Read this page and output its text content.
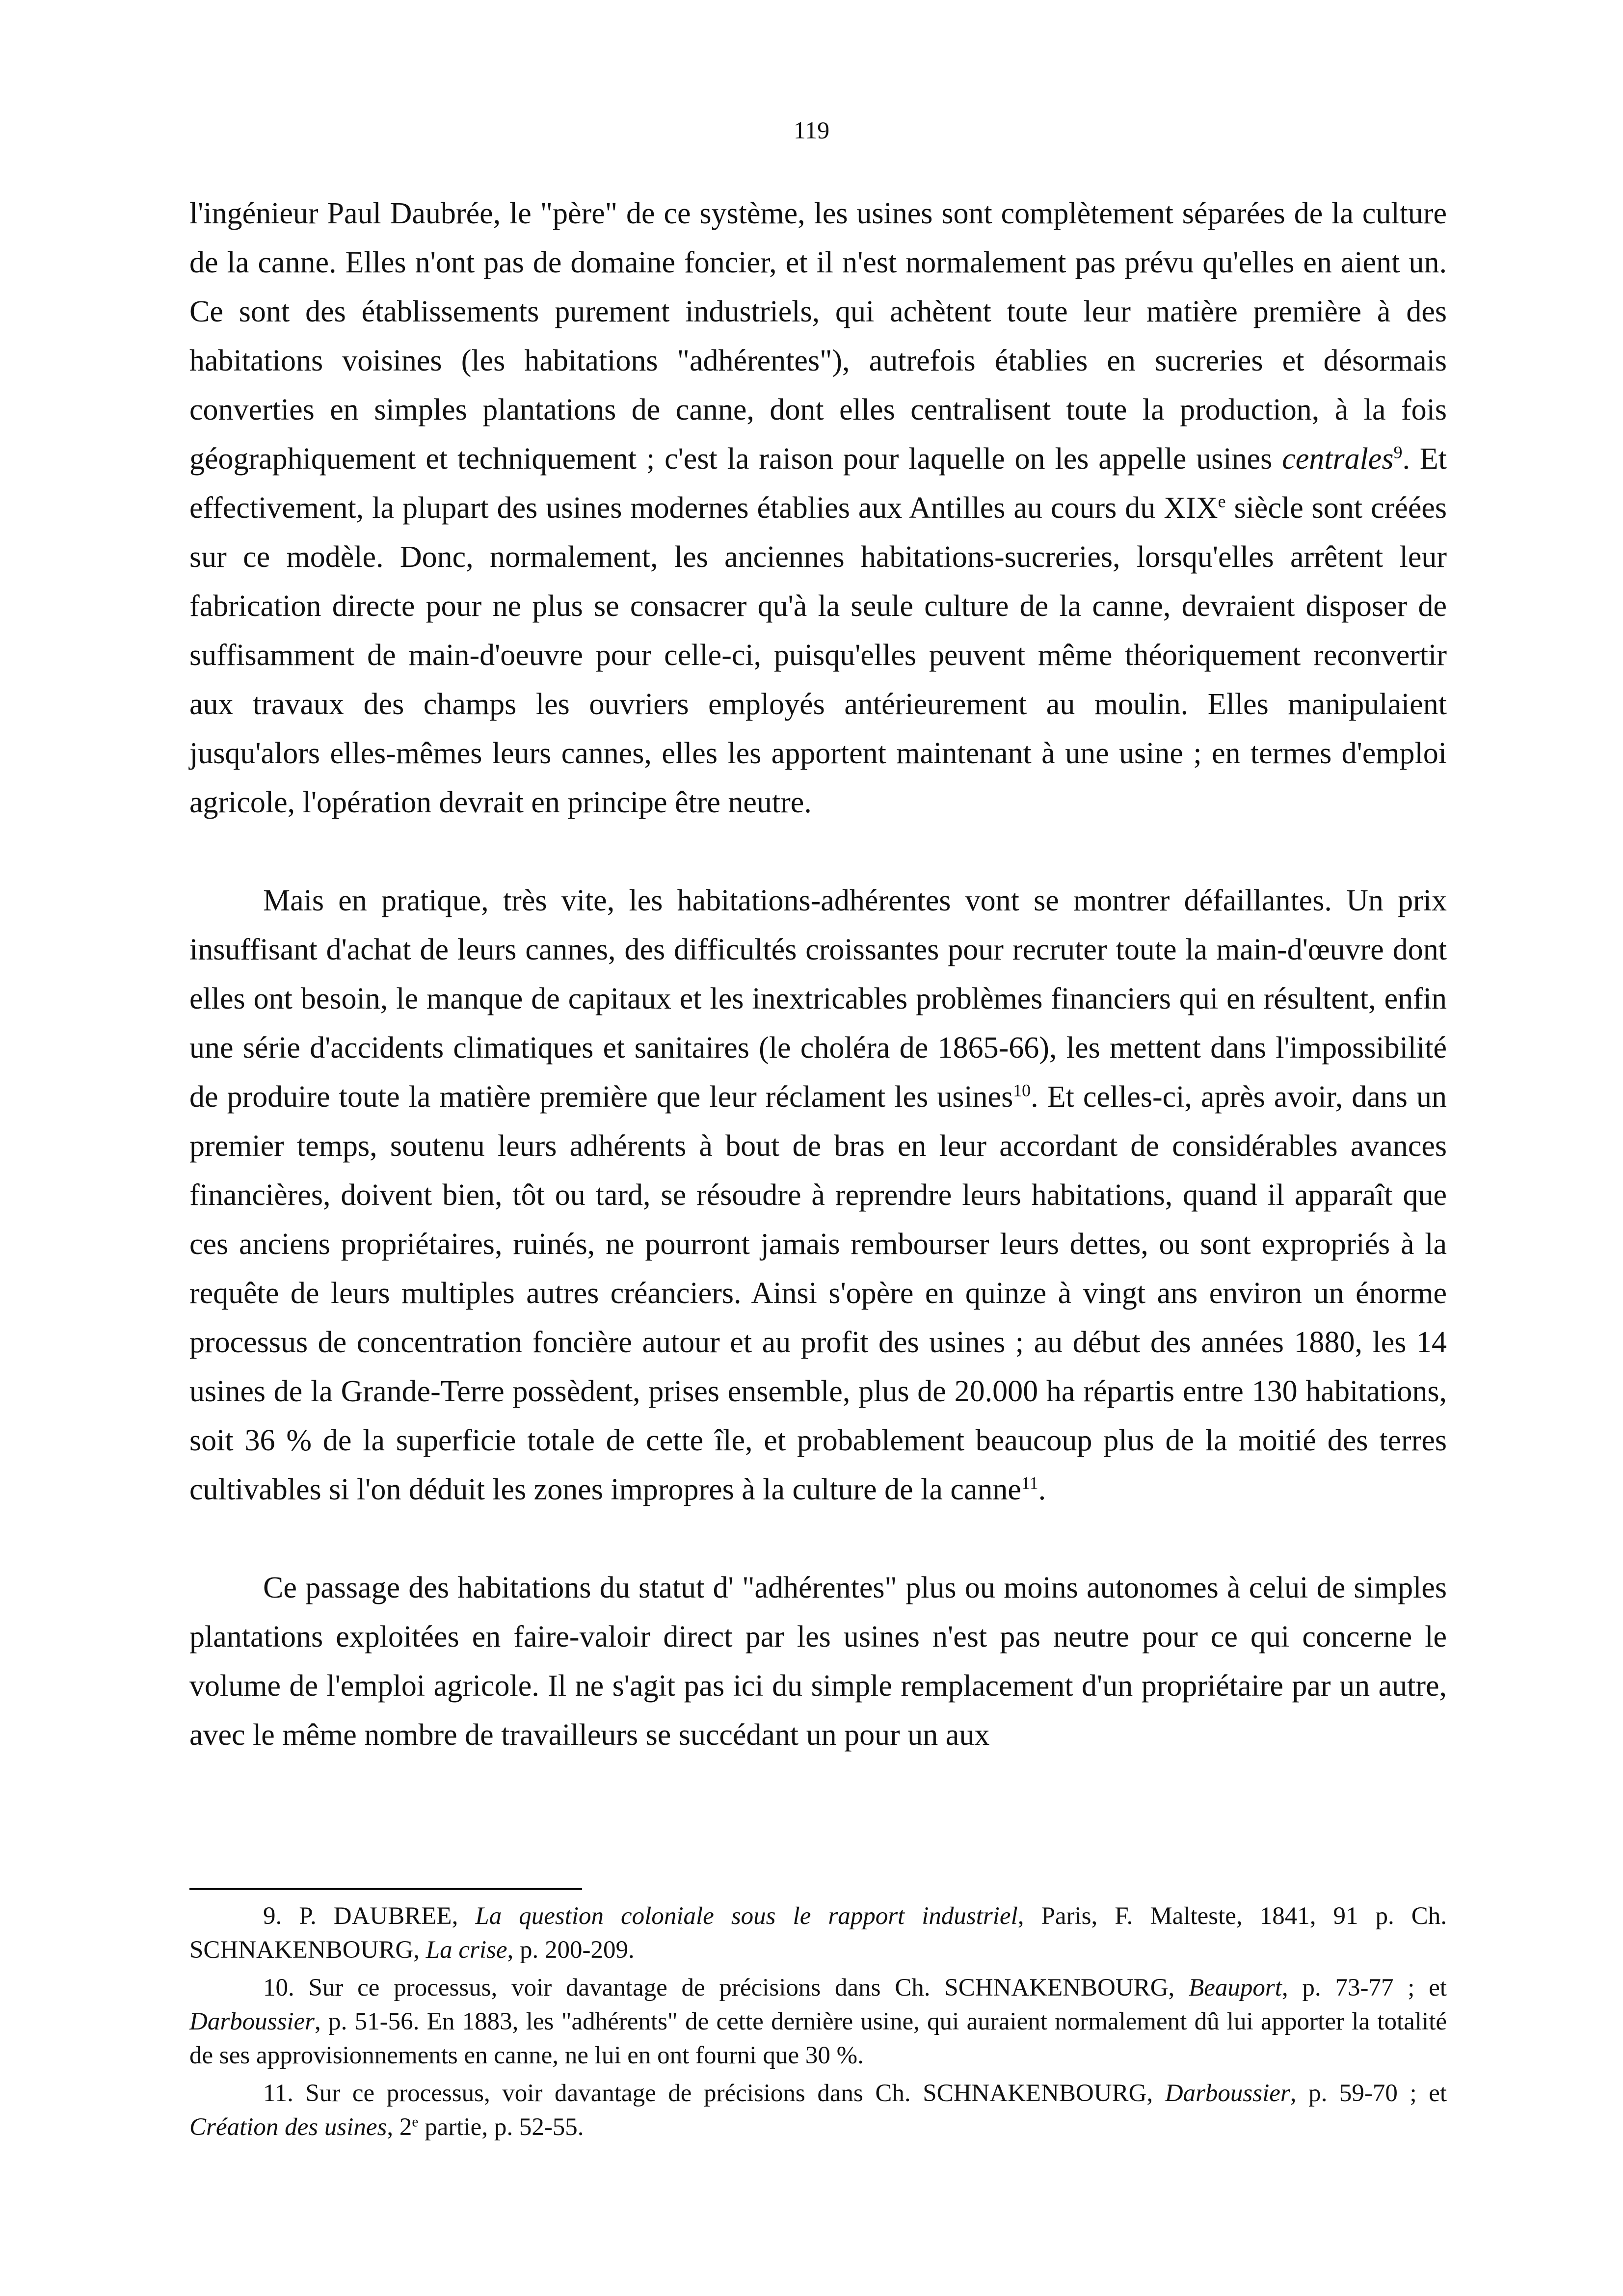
119

l'ingénieur Paul Daubrée, le "père" de ce système, les usines sont complètement séparées de la culture de la canne. Elles n'ont pas de domaine foncier, et il n'est normalement pas prévu qu'elles en aient un. Ce sont des établissements purement industriels, qui achètent toute leur matière première à des habitations voisines (les habitations "adhérentes"), autrefois établies en sucreries et désormais converties en simples plantations de canne, dont elles centralisent toute la production, à la fois géographiquement et techniquement ; c'est la raison pour laquelle on les appelle usines centrales$^9$. Et effectivement, la plupart des usines modernes établies aux Antilles au cours du XIXe siècle sont créées sur ce modèle. Donc, normalement, les anciennes habitations-sucreries, lorsqu'elles arrêtent leur fabrication directe pour ne plus se consacrer qu'à la seule culture de la canne, devraient disposer de suffisamment de main-d'oeuvre pour celle-ci, puisqu'elles peuvent même théoriquement reconvertir aux travaux des champs les ouvriers employés antérieurement au moulin. Elles manipulaient jusqu'alors elles-mêmes leurs cannes, elles les apportent maintenant à une usine ; en termes d'emploi agricole, l'opération devrait en principe être neutre.

Mais en pratique, très vite, les habitations-adhérentes vont se montrer défaillantes. Un prix insuffisant d'achat de leurs cannes, des difficultés croissantes pour recruter toute la main-d'œuvre dont elles ont besoin, le manque de capitaux et les inextricables problèmes financiers qui en résultent, enfin une série d'accidents climatiques et sanitaires (le choléra de 1865-66), les mettent dans l'impossibilité de produire toute la matière première que leur réclament les usines$^{10}$. Et celles-ci, après avoir, dans un premier temps, soutenu leurs adhérents à bout de bras en leur accordant de considérables avances financières, doivent bien, tôt ou tard, se résoudre à reprendre leurs habitations, quand il apparaît que ces anciens propriétaires, ruinés, ne pourront jamais rembourser leurs dettes, ou sont expropriés à la requête de leurs multiples autres créanciers. Ainsi s'opère en quinze à vingt ans environ un énorme processus de concentration foncière autour et au profit des usines ; au début des années 1880, les 14 usines de la Grande-Terre possèdent, prises ensemble, plus de 20.000 ha répartis entre 130 habitations, soit 36 % de la superficie totale de cette île, et probablement beaucoup plus de la moitié des terres cultivables si l'on déduit les zones impropres à la culture de la canne$^{11}$.

Ce passage des habitations du statut d' "adhérentes" plus ou moins autonomes à celui de simples plantations exploitées en faire-valoir direct par les usines n'est pas neutre pour ce qui concerne le volume de l'emploi agricole. Il ne s'agit pas ici du simple remplacement d'un propriétaire par un autre, avec le même nombre de travailleurs se succédant un pour un aux

9. P. DAUBREE, La question coloniale sous le rapport industriel, Paris, F. Malteste, 1841, 91 p. Ch. SCHNAKENBOURG, La crise, p. 200-209.

10. Sur ce processus, voir davantage de précisions dans Ch. SCHNAKENBOURG, Beauport, p. 73-77 ; et Darboussier, p. 51-56. En 1883, les "adhérents" de cette dernière usine, qui auraient normalement dû lui apporter la totalité de ses approvisionnements en canne, ne lui en ont fourni que 30 %.

11. Sur ce processus, voir davantage de précisions dans Ch. SCHNAKENBOURG, Darboussier, p. 59-70 ; et Création des usines, 2e partie, p. 52-55.
